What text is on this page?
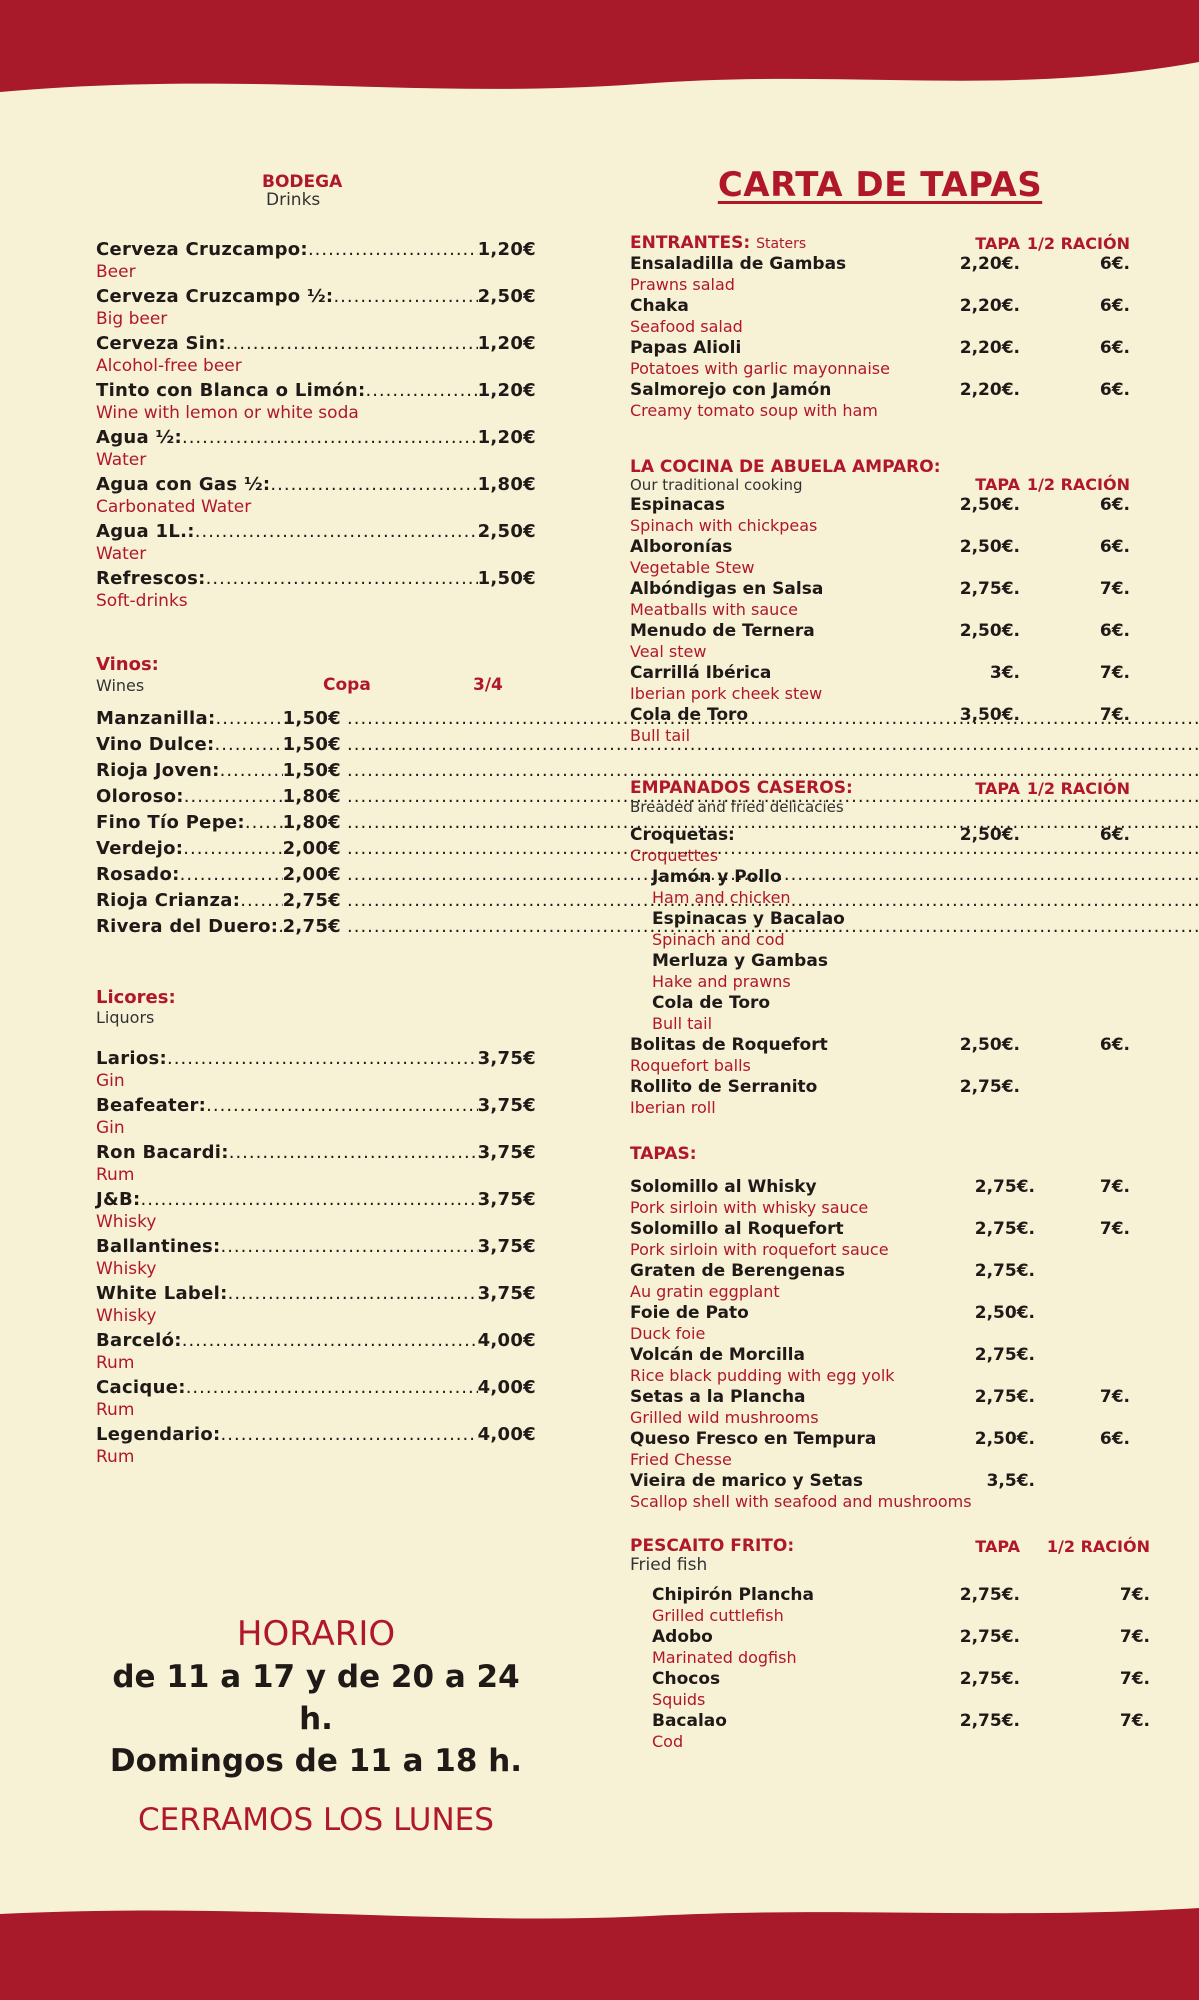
BODEGA
Drinks
Cerveza Cruzcampo: .....	1,20€
Beer
Cerveza Cruzcampo ½: .....	2,50€
Big beer
Cerveza Sin: .....	1,20€
Alcohol-free beer
Tinto con Blanca o Limón: .....	1,20€
Wine with lemon or white soda
Agua ½: .....	1,20€
Water
Agua con Gas ½: .....	1,80€
Carbonated Water
Agua 1L.: .....	2,50€
Water
Refrescos: .....	1,50€
Soft-drinks
Vinos:
Wines	Copa	3/4
Manzanilla: .....	1,50€
.....
Vino Dulce: .....	1,50€
.....
Rioja Joven: .....	1,50€
.....
Oloroso: .....	1,80€
.....
Fino Tío Pepe: ..... 1,80€
.....
Verdejo: .....	2,00€
.....
Rosado: .....	2,00€
.....
Rioja Crianza: ..... 2,75€
.....
Rivera del Duero: ..... 2,75€
.....
Licores:
Liquors
Larios: .....	3,75€
Gin
Beafeater: .....	3,75€
Gin
Ron Bacardi: .....	3,75€
Rum
J&B: .....	3,75€
Whisky
Ballantines: .....	3,75€
Whisky
White Label: .....	3,75€
Whisky
Barceló: .....	4,00€
Rum
Cacique: .....	4,00€
Rum
Legendario: .....	4,00€
Rum
HORARIO
de 11 a 17 y de 20 a 24 h.
Domingos de 11 a 18 h.
CERRAMOS LOS LUNES
CARTA DE TAPAS
ENTRANTES: Staters	TAPA 1/2 RACIÓN
Ensaladilla de Gambas	2,20€.	6€.
Prawns salad
Chaka	2,20€.	6€.
Seafood salad
Papas Alioli	2,20€.	6€.
Potatoes with garlic mayonnaise
Salmorejo con Jamón	2,20€.	6€.
Creamy tomato soup with ham
LA COCINA DE ABUELA AMPARO:
Our traditional cooking	TAPA 1/2 RACIÓN
Espinacas	2,50€.	6€.
Spinach with chickpeas
Alboronías	2,50€.	6€.
Vegetable Stew
Albóndigas en Salsa	2,75€.	7€.
Meatballs with sauce
Menudo de Ternera	2,50€.	6€.
Veal stew
Carrillá Ibérica	3€.	7€.
Iberian pork cheek stew
Cola de Toro	3,50€.	7€.
Bull tail
EMPANADOS CASEROS:	TAPA 1/2 RACIÓN
Breaded and fried delicacies
Croquetas:	2,50€.	6€.
Croquettes
Jamón y Pollo
Ham and chicken
Espinacas y Bacalao
Spinach and cod
Merluza y Gambas
Hake and prawns
Cola de Toro
Bull tail
Bolitas de Roquefort	2,50€.	6€.
Roquefort balls
Rollito de Serranito	2,75€.
Iberian roll
TAPAS:
Solomillo al Whisky	2,75€.	7€.
Pork sirloin with whisky sauce
Solomillo al Roquefort	2,75€.	7€.
Pork sirloin with roquefort sauce
Graten de Berengenas	2,75€.
Au gratin eggplant
Foie de Pato	2,50€.
Duck foie
Volcán de Morcilla	2,75€.
Rice black pudding with egg yolk
Setas a la Plancha	2,75€.	7€.
Grilled wild mushrooms
Queso Fresco en Tempura	2,50€.	6€.
Fried Chesse
Vieira de marico y Setas	3,5€.
Scallop shell with seafood and mushrooms
PESCAITO FRITO:	TAPA	1/2 RACIÓN
Fried fish
Chipirón Plancha	2,75€.	7€.
Grilled cuttlefish
Adobo	2,75€.	7€.
Marinated dogfish
Chocos	2,75€.	7€.
Squids
Bacalao	2,75€.	7€.
Cod
